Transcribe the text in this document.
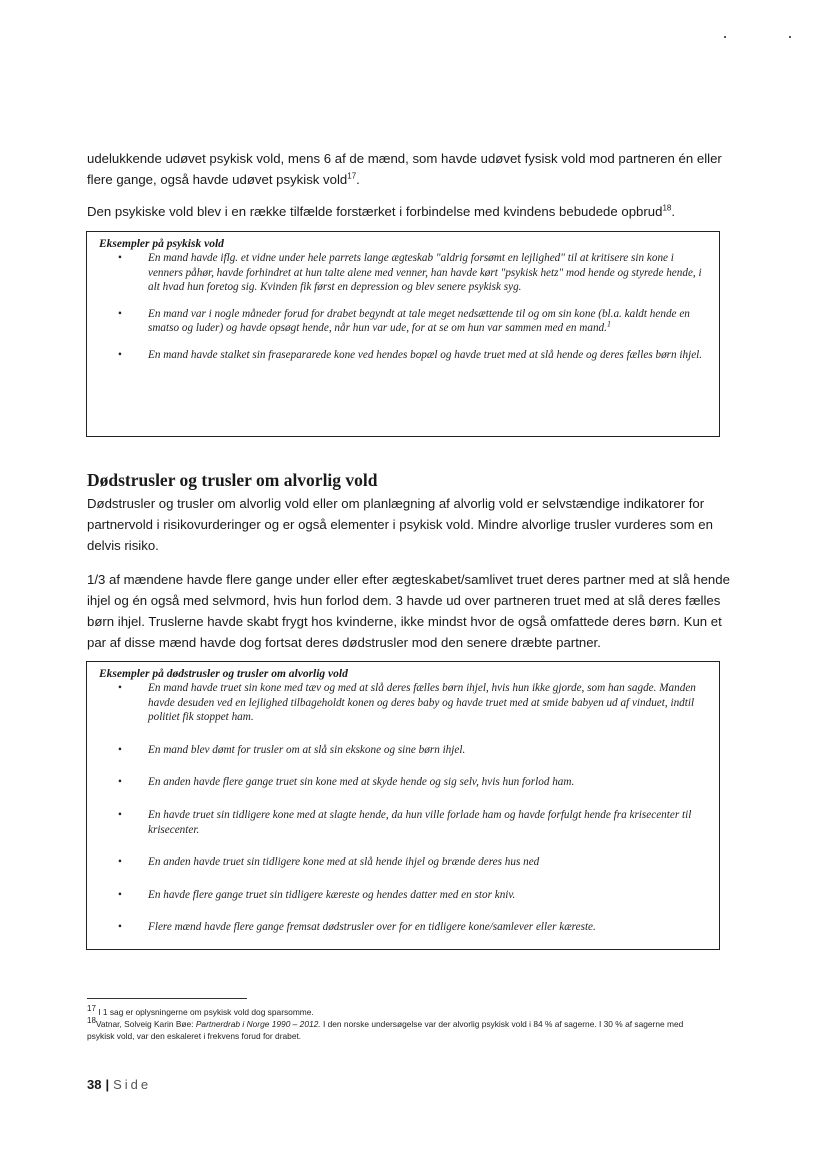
udelukkende udøvet psykisk vold, mens 6 af de mænd, som havde udøvet fysisk vold mod partneren én eller flere gange, også havde udøvet psykisk vold$^{17}$.

Den psykiske vold blev i en række tilfælde forstærket i forbindelse med kvindens bebudede opbrud$^{18}$.

Eksempler på psykisk vold

• En mand havde iflg. et vidne under hele parrets lange ægteskab "aldrig forsømt en lejlighed" til at kritisere sin kone i venners påhør, havde forhindret at hun talte alene med venner, han havde kørt "psykisk hetz" mod hende og styrede hende, i alt hvad hun foretog sig. Kvinden fik først en depression og blev senere psykisk syg.
• En mand var i nogle måneder forud for drabet begyndt at tale meget nedsættende til og om sin kone (bl.a. kaldt hende en smatso og luder) og havde opsøgt hende, når hun var ude, for at se om hun var sammen med en mand.$^1$
• En mand havde stalket sin frasepararede kone ved hendes bopæl og havde truet med at slå hende og deres fælles børn ihjel.
Dødstrusler og trusler om alvorlig vold

Dødstrusler og trusler om alvorlig vold eller om planlægning af alvorlig vold er selvstændige indikatorer for partnervold i risikovurderinger og er også elementer i psykisk vold. Mindre alvorlige trusler vurderes som en delvis risiko.

1/3 af mændene havde flere gange under eller efter ægteskabet/samlivet truet deres partner med at slå hende ihjel og én også med selvmord, hvis hun forlod dem. 3 havde ud over partneren truet med at slå deres fælles børn ihjel. Truslerne havde skabt frygt hos kvinderne, ikke mindst hvor de også omfattede deres børn. Kun et par af disse mænd havde dog fortsat deres dødstrusler mod den senere dræbte partner.

Eksempler på dødstrusler og trusler om alvorlig vold

• En mand havde truet sin kone med tæv og med at slå deres fælles børn ihjel, hvis hun ikke gjorde, som han sagde. Manden havde desuden ved en lejlighed tilbageholdt konen og deres baby og havde truet med at smide babyen ud af vinduet, indtil politiet fik stoppet ham.
• En mand blev dømt for trusler om at slå sin ekskone og sine børn ihjel.
• En anden havde flere gange truet sin kone med at skyde hende og sig selv, hvis hun forlod ham.
• En havde truet sin tidligere kone med at slagte hende, da hun ville forlade ham og havde forfulgt hende fra krisecenter til krisecenter.
• En anden havde truet sin tidligere kone med at slå hende ihjel og brænde deres hus ned
• En havde flere gange truet sin tidligere kæreste og hendes datter med en stor kniv.
• Flere mænd havde flere gange fremsat dødstrusler over for en tidligere kone/samlever eller kæreste.

$^{17}$ I 1 sag er oplysningerne om psykisk vold dog sparsomme.

$^{18}$Vatnar, Solveig Karin Bøe: Partnerdrab i Norge 1990 – 2012. I den norske undersøgelse var der alvorlig psykisk vold i 84 % af sagerne. I 30 % af sagerne med psykisk vold, var den eskaleret i frekvens forud for drabet.

38 | Side
